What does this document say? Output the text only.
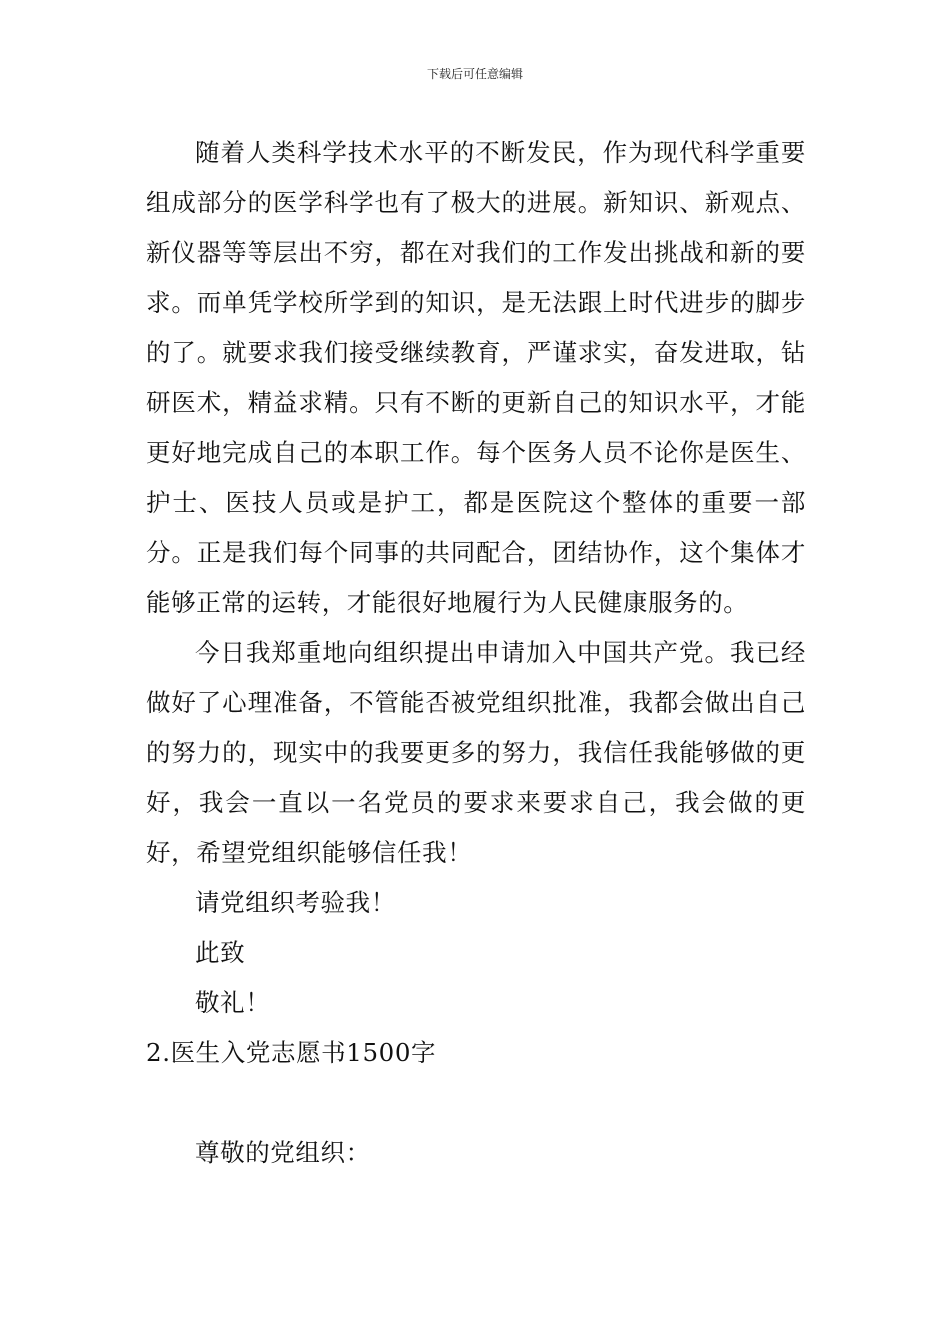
下载后可任意编辑

随着人类科学技术水平的不断发民，作为现代科学重要组成部分的医学科学也有了极大的进展。新知识、新观点、新仪器等等层出不穷，都在对我们的工作发出挑战和新的要求。而单凭学校所学到的知识，是无法跟上时代进步的脚步的了。就要求我们接受继续教育，严谨求实，奋发进取，钻研医术，精益求精。只有不断的更新自己的知识水平，才能更好地完成自己的本职工作。每个医务人员不论你是医生、护士、医技人员或是护工，都是医院这个整体的重要一部分。正是我们每个同事的共同配合，团结协作，这个集体才能够正常的运转，才能很好地履行为人民健康服务的。

今日我郑重地向组织提出申请加入中国共产党。我已经做好了心理准备，不管能否被党组织批准，我都会做出自己的努力的，现实中的我要更多的努力，我信任我能够做的更好，我会一直以一名党员的要求来要求自己，我会做的更好，希望党组织能够信任我！

请党组织考验我！

此致

敬礼！

2.医生入党志愿书1500字

尊敬的党组织：
